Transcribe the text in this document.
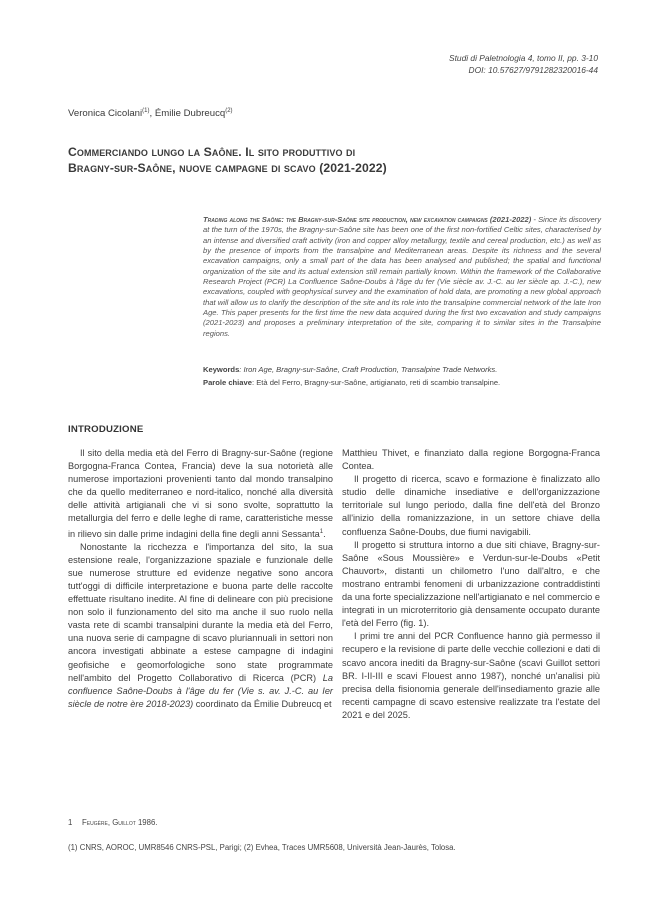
Studi di Paletnologia 4, tomo II, pp. 3-10
DOI: 10.57627/9791282320016-44
Veronica Cicolani$^{(1)}$, Émilie Dubreucq$^{(2)}$
Commerciando lungo la Saône. Il sito produttivo di
Bragny-sur-Saône, nuove campagne di scavo (2021-2022)
Trading along the Saône: the Bragny-sur-Saône site production, new excavation campaigns (2021-2022) - Since its discovery at the turn of the 1970s, the Bragny-sur-Saône site has been one of the first non-fortified Celtic sites, characterised by an intense and diversified craft activity (iron and copper alloy metallurgy, textile and cereal production, etc.) as well as by the presence of imports from the transalpine and Mediterranean areas. Despite its richness and the several excavation campaigns, only a small part of the data has been analysed and published; the spatial and functional organization of the site and its actual extension still remain partially known. Within the framework of the Collaborative Research Project (PCR) La Confluence Saône-Doubs à l'âge du fer (Vie siècle av. J.-C. au Ier siècle ap. J.-C.), new excavations, coupled with geophysical survey and the examination of hold data, are promoting a new global approach that will allow us to clarify the description of the site and its role into the transalpine commercial network of the late Iron Age. This paper presents for the first time the new data acquired during the first two excavation and study campaigns (2021-2023) and proposes a preliminary interpretation of the site, comparing it to similar sites in the Transalpine regions.
Keywords: Iron Age, Bragny-sur-Saône, Craft Production, Transalpine Trade Networks.
Parole chiave: Età del Ferro, Bragny-sur-Saône, artigianato, reti di scambio transalpine.
INTRODUZIONE

Il sito della media età del Ferro di Bragny-sur-Saône (regione Borgogna-Franca Contea, Francia) deve la sua notorietà alle numerose importazioni provenienti tanto dal mondo transalpino che da quello mediterraneo e nord-italico, nonché alla diversità delle attività artigianali che vi si sono svolte, soprattutto la metallurgia del ferro e delle leghe di rame, caratteristiche messe in rilievo sin dalle prime indagini della fine degli anni Sessanta$^1$.

Nonostante la ricchezza e l'importanza del sito, la sua estensione reale, l'organizzazione spaziale e funzionale delle sue numerose strutture ed evidenze negative sono ancora tutt'oggi di difficile interpretazione e buona parte delle raccolte effettuate risultano inedite. Al fine di delineare con più precisione non solo il funzionamento del sito ma anche il suo ruolo nella vasta rete di scambi transalpini durante la media età del Ferro, una nuova serie di campagne di scavo pluriannuali in settori non ancora investigati abbinate a estese campagne di indagini geofisiche e geomorfologiche sono state programmate nell'ambito del Progetto Collaborativo di Ricerca (PCR) La confluence Saône-Doubs à l'âge du fer (Vie s. av. J.-C. au Ier siècle de notre ère 2018-2023) coordinato da Émilie Dubreucq et

Matthieu Thivet, e finanziato dalla regione Borgogna-Franca Contea.

Il progetto di ricerca, scavo e formazione è finalizzato allo studio delle dinamiche insediative e dell'organizzazione territoriale sul lungo periodo, dalla fine dell'età del Bronzo all'inizio della romanizzazione, in un settore chiave della confluenza Saône-Doubs, due fiumi navigabili.

Il progetto si struttura intorno a due siti chiave, Bragny-sur-Saône «Sous Moussière» e Verdun-sur-le-Doubs «Petit Chauvort», distanti un chilometro l'uno dall'altro, e che mostrano entrambi fenomeni di urbanizzazione contraddistinti da una forte specializzazione nell'artigianato e nel commercio e integrati in un microterritorio già densamente occupato durante l'età del Ferro (fig. 1).

I primi tre anni del PCR Confluence hanno già permesso il recupero e la revisione di parte delle vecchie collezioni e dati di scavo ancora inediti da Bragny-sur-Saône (scavi Guillot settori BR. I-II-III e scavi Flouest anno 1987), nonché un'analisi più precisa della fisionomia generale dell'insediamento grazie alle recenti campagne di scavo estensive realizzate tra l'estate del 2021 e del 2025.

1 Feugère, Guillot 1986.
(1) CNRS, AOROC, UMR8546 CNRS-PSL, Parigi; (2) Evhea, Traces UMR5608, Università Jean-Jaurès, Tolosa.
